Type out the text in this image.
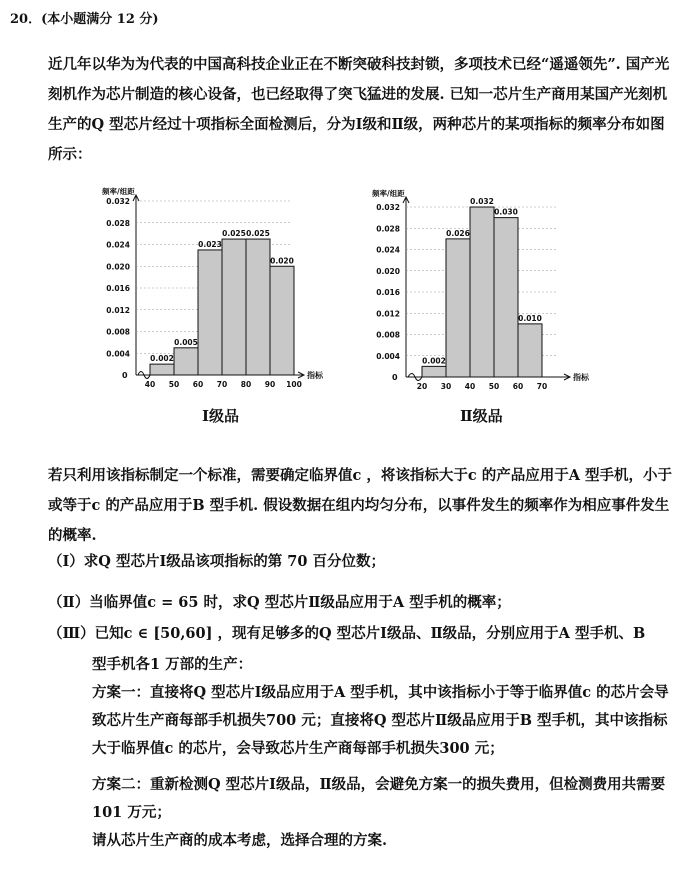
20．(本小题满分 12 分)
近几年以华为为代表的中国高科技企业正在不断突破科技封锁，多项技术已经“遥遥领先”. 国产光刻机作为芯片制造的核心设备，也已经取得了突飞猛进的发展. 已知一芯片生产商用某国产光刻机生产的Q 型芯片经过十项指标全面检测后，分为Ⅰ级和Ⅱ级，两种芯片的某项指标的频率分布如图所示：
频率/组距
0	指标
0.032
0.028
0.024
0.020
0.016
0.012
0.008
0.004
0.002
0.005
0.023
0.025 0.025
0.020
40 50 60 70 80 90 100
频率/组距
0	指标
0.032
0.028
0.024
0.020
0.016
0.012
0.008
0.004
0.002
0.026
0.032
0.030
0.010
20 30 40 50 60 70
Ⅰ级品	Ⅱ级品
若只利用该指标制定一个标准，需要确定临界值c ，将该指标大于c 的产品应用于A 型手机，小于或等于c 的产品应用于B 型手机. 假设数据在组内均匀分布，以事件发生的频率作为相应事件发生的概率.
（Ⅰ）求Q 型芯片Ⅰ级品该项指标的第 70 百分位数；
（Ⅱ）当临界值c = 65 时，求Q 型芯片Ⅱ级品应用于A 型手机的概率；
（Ⅲ）已知c ∈ [50,60] ，现有足够多的Q 型芯片Ⅰ级品、Ⅱ级品，分别应用于A 型手机、B
型手机各1 万部的生产：
方案一：直接将Q 型芯片Ⅰ级品应用于A 型手机，其中该指标小于等于临界值c 的芯片会导致芯片生产商每部手机损失700 元；直接将Q 型芯片Ⅱ级品应用于B 型手机，其中该指标大于临界值c 的芯片，会导致芯片生产商每部手机损失300 元；
方案二：重新检测Q 型芯片Ⅰ级品，Ⅱ级品，会避免方案一的损失费用，但检测费用共需要101 万元；
请从芯片生产商的成本考虑，选择合理的方案.
